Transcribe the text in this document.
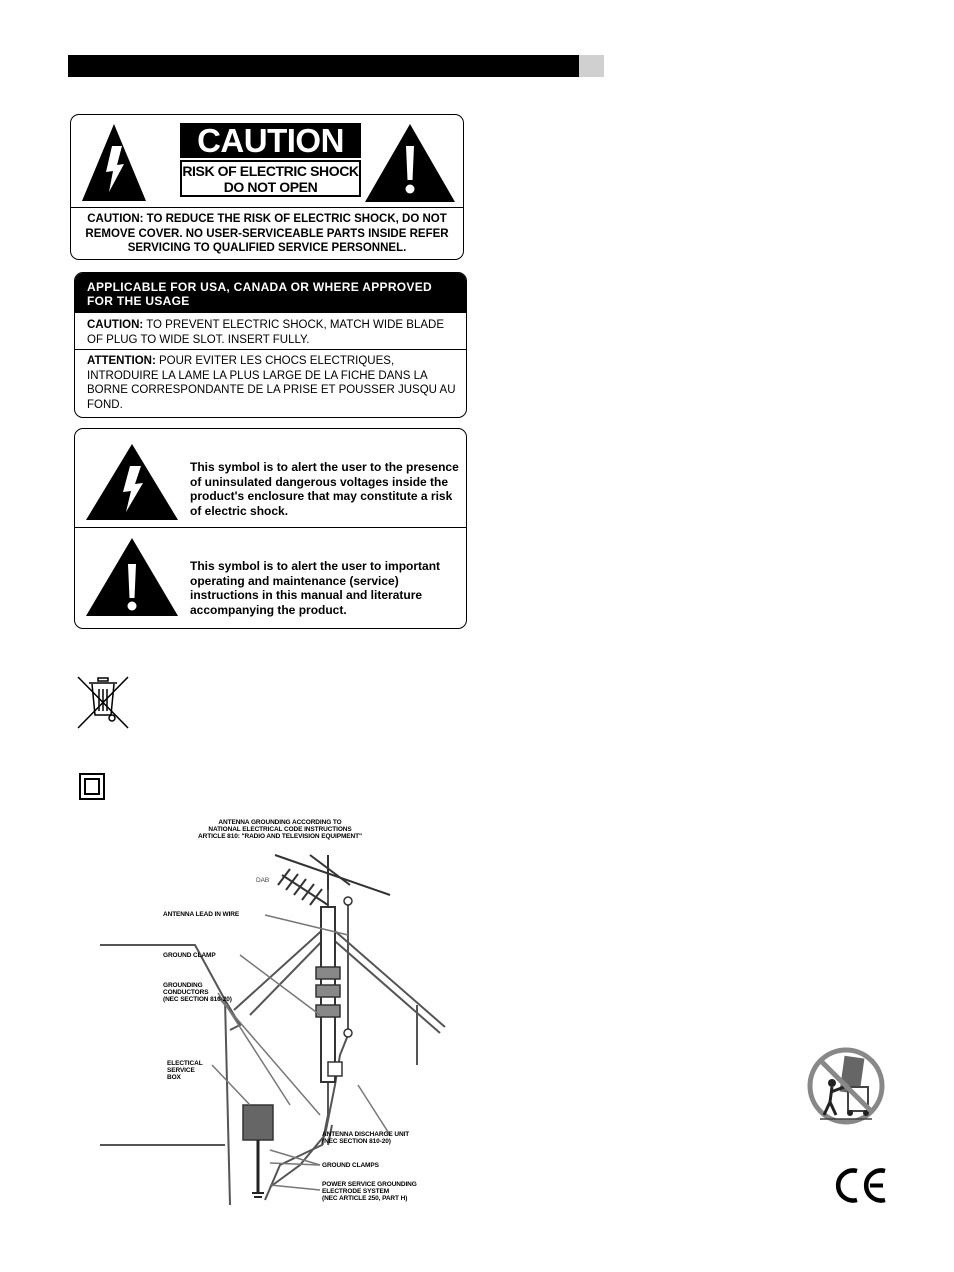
CAUTION
RISK OF ELECTRIC SHOCK
DO NOT OPEN
CAUTION: TO REDUCE THE RISK OF ELECTRIC SHOCK, DO NOT REMOVE COVER. NO USER-SERVICEABLE PARTS INSIDE REFER SERVICING TO QUALIFIED SERVICE PERSONNEL.
APPLICABLE FOR USA, CANADA OR WHERE APPROVED FOR THE USAGE
CAUTION: TO PREVENT ELECTRIC SHOCK, MATCH WIDE BLADE OF PLUG TO WIDE SLOT. INSERT FULLY.
ATTENTION: POUR EVITER LES CHOCS ELECTRIQUES, INTRODUIRE LA LAME LA PLUS LARGE DE LA FICHE DANS LA BORNE CORRESPONDANTE DE LA PRISE ET POUSSER JUSQU AU FOND.
This symbol is to alert the user to the presence of uninsulated dangerous voltages inside the product's enclosure that may constitute a risk of electric shock.
This symbol is to alert the user to important operating and maintenance (service) instructions in this manual and literature accompanying the product.
ANTENNA GROUNDING ACCORDING TO
NATIONAL ELECTRICAL CODE INSTRUCTIONS
ARTICLE 810: "RADIO AND TELEVISION EQUIPMENT"
DAB
ANTENNA LEAD IN WIRE
GROUND CLAMP
GROUNDING
CONDUCTORS
(NEC SECTION 810-20)
ELECTICAL
SERVICE
BOX
ANTENNA DISCHARGE UNIT
(NEC SECTION 810-20)
GROUND CLAMPS
POWER SERVICE GROUNDING
ELECTRODE SYSTEM
(NEC ARTICLE 250, PART H)
